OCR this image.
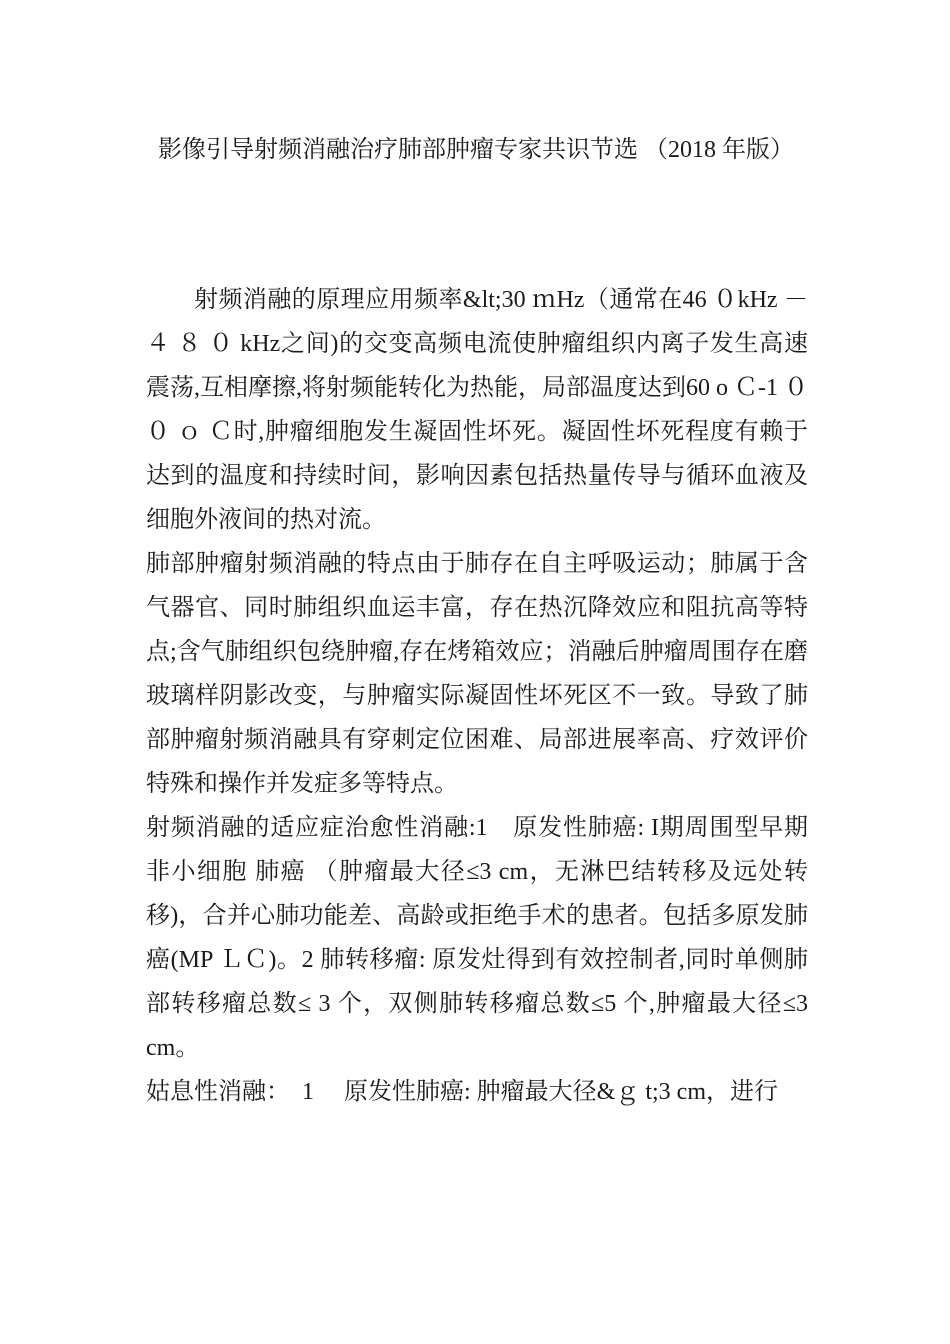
影像引导射频消融治疗肺部肿瘤专家共识节选 （2018 年版）

射频消融的原理应用频率&lt;30 ｍHz（通常在46 ０kHz －４ ８ ０ kHz之间)的交变高频电流使肿瘤组织内离子发生高速震荡,互相摩擦,将射频能转化为热能，局部温度达到60 o Ｃ-1 ０ ０ ｏ Ｃ时,肿瘤细胞发生凝固性坏死。凝固性坏死程度有赖于达到的温度和持续时间，影响因素包括热量传导与循环血液及细胞外液间的热对流。

肺部肿瘤射频消融的特点由于肺存在自主呼吸运动；肺属于含气器官、同时肺组织血运丰富，存在热沉降效应和阻抗高等特点;含气肺组织包绕肿瘤,存在烤箱效应；消融后肿瘤周围存在磨玻璃样阴影改变，与肿瘤实际凝固性坏死区不一致。导致了肺部肿瘤射频消融具有穿刺定位困难、局部进展率高、疗效评价特殊和操作并发症多等特点。

射频消融的适应症治愈性消融:1　原发性肺癌: I期周围型早期非小细胞 肺癌 （肿瘤最大径≤3 cm，无淋巴结转移及远处转移)，合并心肺功能差、高龄或拒绝手术的患者。包括多原发肺癌(MP ＬＣ)。2 肺转移瘤: 原发灶得到有效控制者,同时单侧肺部转移瘤总数≤ 3 个，双侧肺转移瘤总数≤5 个,肿瘤最大径≤3 cm。

姑息性消融：  1　 原发性肺癌: 肿瘤最大径&ｇ t;3 cm，进行
